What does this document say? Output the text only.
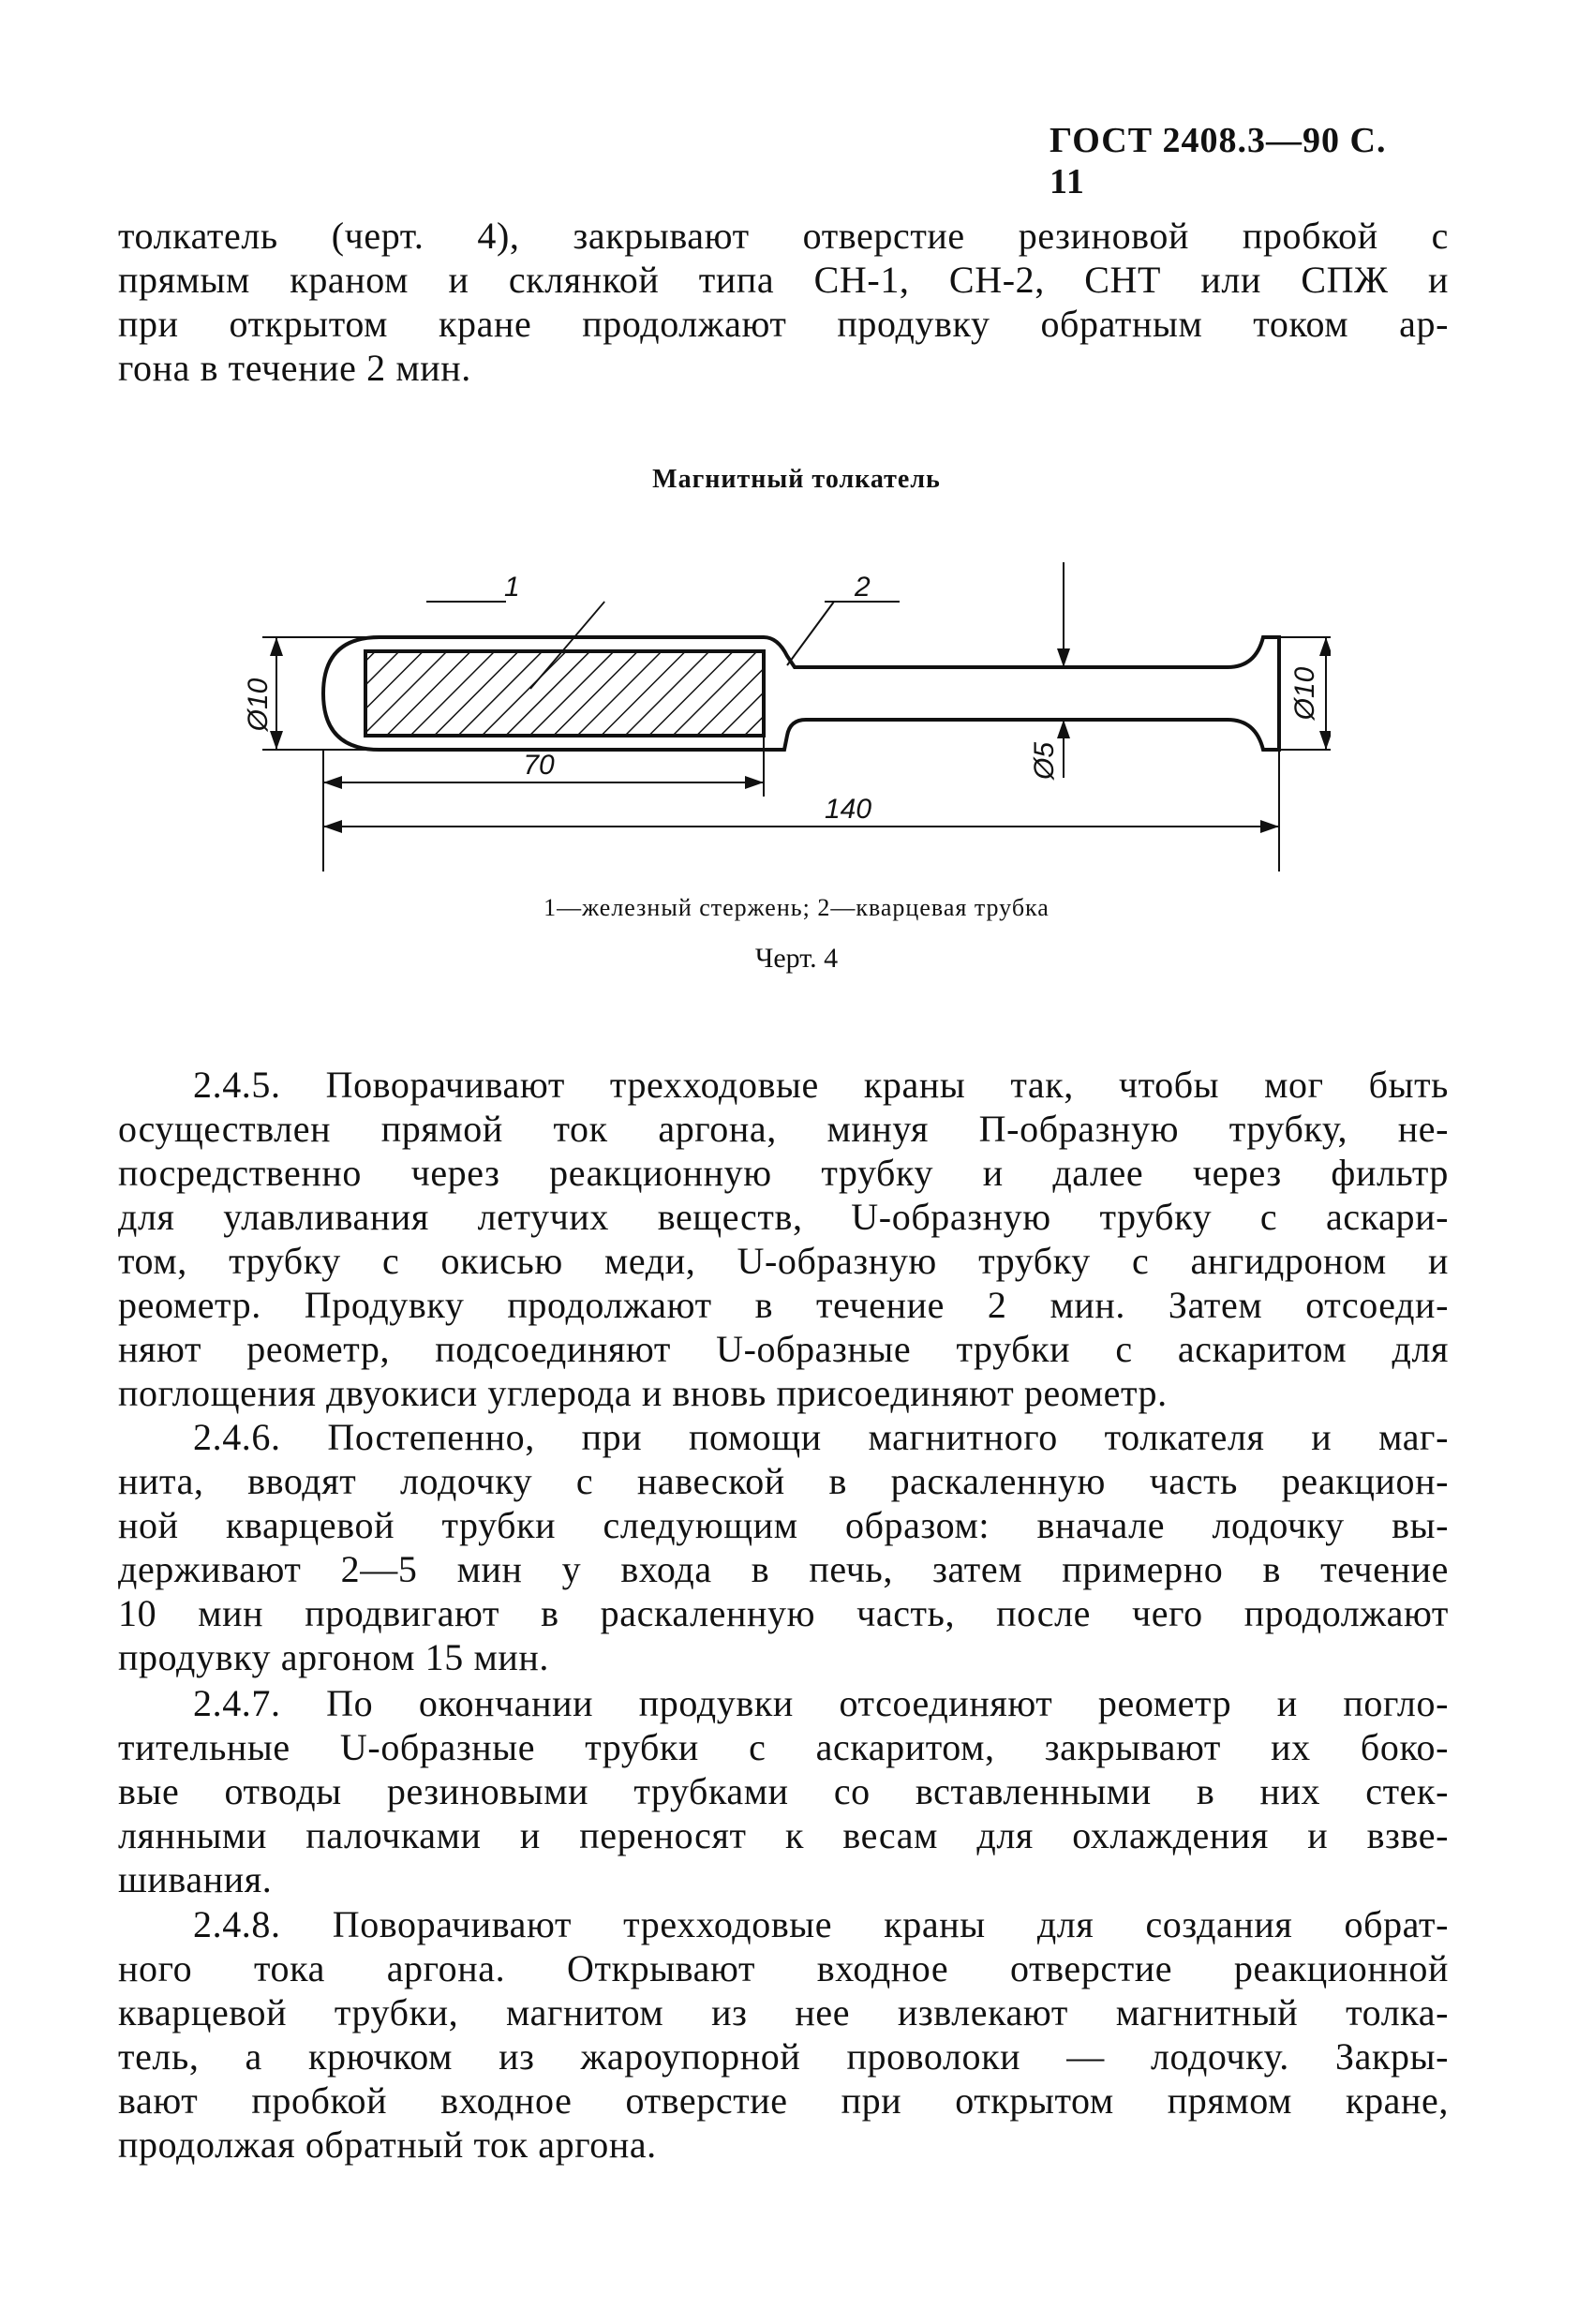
ГОСТ 2408.3—90 С. 11
толкатель (черт. 4), закрывают отверстие резиновой пробкой с
прямым краном и склянкой типа СН-1, СН-2, СНТ или СПЖ и
при открытом кране продолжают продувку обратным током ар-
гона в течение 2 мин.
Магнитный толкатель
1	2
Ø10	Ø10
Ø5
70
140
1—железный стержень; 2—кварцевая трубка
Черт. 4
2.4.5. Поворачивают трехходовые краны так, чтобы мог быть
осуществлен прямой ток аргона, минуя П-образную трубку, не-
посредственно через реакционную трубку и далее через фильтр
для улавливания летучих веществ, U-образную трубку с аскари-
том, трубку с окисью меди, U-образную трубку с ангидроном и
реометр. Продувку продолжают в течение 2 мин. Затем отсоеди-
няют реометр, подсоединяют U-образные трубки с аскаритом для
поглощения двуокиси углерода и вновь присоединяют реометр.
2.4.6. Постепенно, при помощи магнитного толкателя и маг-
нита, вводят лодочку с навеской в раскаленную часть реакцион-
ной кварцевой трубки следующим образом: вначале лодочку вы-
держивают 2—5 мин у входа в печь, затем примерно в течение
10 мин продвигают в раскаленную часть, после чего продолжают
продувку аргоном 15 мин.
2.4.7. По окончании продувки отсоединяют реометр и погло-
тительные U-образные трубки с аскаритом, закрывают их боко-
вые отводы резиновыми трубками со вставленными в них стек-
лянными палочками и переносят к весам для охлаждения и взве-
шивания.
2.4.8. Поворачивают трехходовые краны для создания обрат-
ного тока аргона. Открывают входное отверстие реакционной
кварцевой трубки, магнитом из нее извлекают магнитный толка-
тель, а крючком из жароупорной проволоки — лодочку. Закры-
вают пробкой входное отверстие при открытом прямом кране,
продолжая обратный ток аргона.
